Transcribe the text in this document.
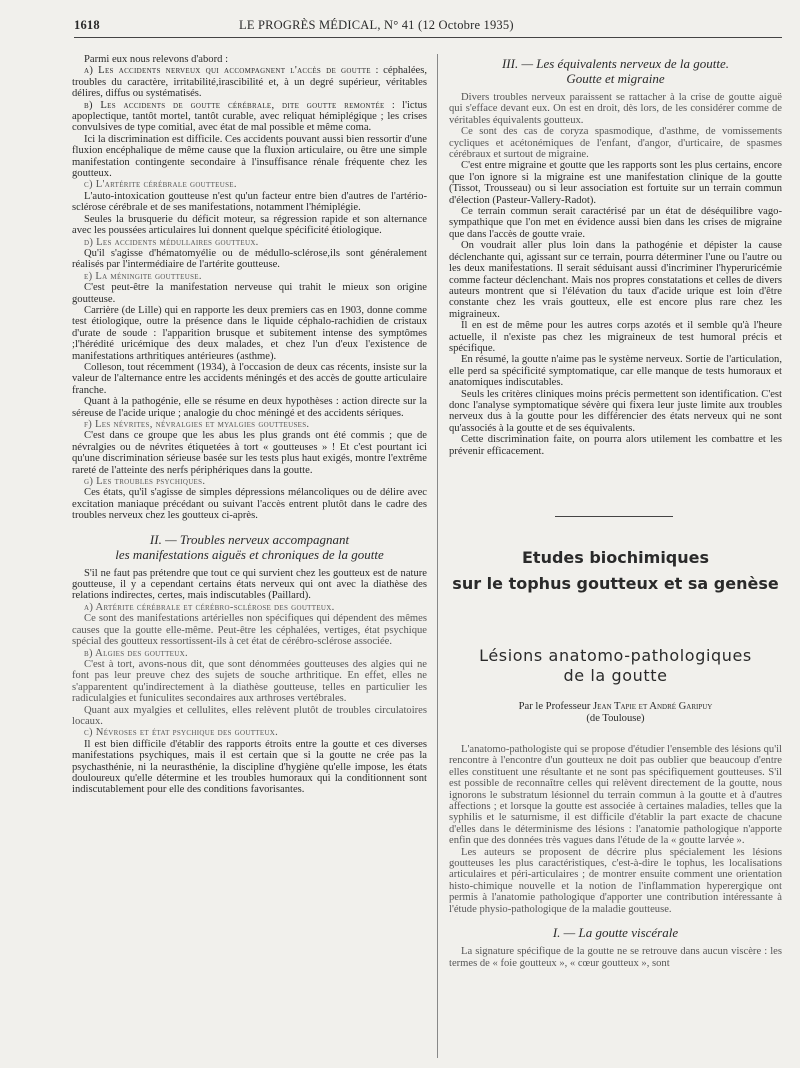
1618	LE PROGRÈS MÉDICAL, N° 41 (12 Octobre 1935)

Parmi eux nous relevons d'abord :

a) Les accidents nerveux qui accompagnent l'accès de goutte : céphalées, troubles du caractère, irritabilité,irascibilité et, à un degré supérieur, véritables délires, diffus ou systématisés.

b) Les accidents de goutte cérébrale, dite goutte remontée : l'ictus apoplectique, tantôt mortel, tantôt curable, avec reliquat hémiplégique ; les crises convulsives de type comitial, avec état de mal possible et même coma.

Ici la discrimination est difficile. Ces accidents pouvant aussi bien ressortir d'une fluxion encéphalique de même cause que la fluxion articulaire, ou être une simple manifestation contingente secondaire à l'insuffisance rénale fréquente chez les goutteux.

c) L'artérite cérébrale goutteuse.

L'auto-intoxication goutteuse n'est qu'un facteur entre bien d'autres de l'artério-sclérose cérébrale et de ses manifestations, notamment l'hémiplégie.

Seules la brusquerie du déficit moteur, sa régression rapide et son alternance avec les poussées articulaires lui donnent quelque spécificité étiologique.

d) Les accidents médullaires goutteux.

Qu'il s'agisse d'hématomyélie ou de médullo-sclérose,ils sont généralement réalisés par l'intermédiaire de l'artérite goutteuse.

e) La méningite goutteuse.

C'est peut-être la manifestation nerveuse qui trahit le mieux son origine goutteuse.

Carrière (de Lille) qui en rapporte les deux premiers cas en 1903, donne comme test étiologique, outre la présence dans le liquide céphalo-rachidien de cristaux d'urate de soude : l'apparition brusque et subitement intense des symptômes ;l'hérédité uricémique des deux malades, et chez l'un d'eux l'existence de manifestations arthritiques antérieures (asthme).

Colleson, tout récemment (1934), à l'occasion de deux cas récents, insiste sur la valeur de l'alternance entre les accidents méningés et des accès de goutte articulaire franche.

Quant à la pathogénie, elle se résume en deux hypothèses : action directe sur la séreuse de l'acide urique ; analogie du choc méningé et des accidents sériques.

f) Les névrites, névralgies et myalgies goutteuses.

C'est dans ce groupe que les abus les plus grands ont été commis ; que de névralgies ou de névrites étiquetées à tort « goutteuses » ! Et c'est pourtant ici qu'une discrimination sérieuse basée sur les tests plus haut exigés, montre l'extrême rareté de l'atteinte des nerfs périphériques dans la goutte.

g) Les troubles psychiques.

Ces états, qu'il s'agisse de simples dépressions mélancoliques ou de délire avec excitation maniaque précédant ou suivant l'accès entrent plutôt dans le cadre des troubles nerveux chez les goutteux ci-après.

II. — Troubles nerveux accompagnant
les manifestations aiguës et chroniques de la goutte

S'il ne faut pas prétendre que tout ce qui survient chez les goutteux est de nature goutteuse, il y a cependant certains états nerveux qui ont avec la diathèse des relations indirectes, certes, mais indiscutables (Paillard).

a) Artérite cérébrale et cérébro-sclérose des goutteux.

Ce sont des manifestations artérielles non spécifiques qui dépendent des mêmes causes que la goutte elle-même. Peut-être les céphalées, vertiges, état psychique spécial des goutteux ressortissent-ils à cet état de cérébro-sclérose associée.

b) Algies des goutteux.

C'est à tort, avons-nous dit, que sont dénommées goutteuses des algies qui ne font pas leur preuve chez des sujets de souche arthritique. En effet, elles ne s'apparentent qu'indirectement à la diathèse goutteuse, telles en particulier les radiculalgies et funiculites secondaires aux arthroses vertébrales.

Quant aux myalgies et cellulites, elles relèvent plutôt de troubles circulatoires locaux.

c) Névroses et état psychique des goutteux.

Il est bien difficile d'établir des rapports étroits entre la goutte et ces diverses manifestations psychiques, mais il est certain que si la goutte ne crée pas la psychasthénie, ni la neurasthénie, la discipline d'hygiène qu'elle impose, les états douloureux qu'elle détermine et les troubles humoraux qui la conditionnent sont indiscutablement pour elle des conditions favorisantes.

III. — Les équivalents nerveux de la goutte.
Goutte et migraine

Divers troubles nerveux paraissent se rattacher à la crise de goutte aiguë qui s'efface devant eux. On est en droit, dès lors, de les considérer comme de véritables équivalents goutteux.

Ce sont des cas de coryza spasmodique, d'asthme, de vomissements cycliques et acétonémiques de l'enfant, d'angor, d'urticaire, de spasmes cérébraux et surtout de migraine.

C'est entre migraine et goutte que les rapports sont les plus certains, encore que l'on ignore si la migraine est une manifestation clinique de la goutte (Tissot, Trousseau) ou si leur association est fortuite sur un terrain commun d'élection (Pasteur-Vallery-Radot).

Ce terrain commun serait caractérisé par un état de déséquilibre vago-sympathique que l'on met en évidence aussi bien dans les crises de migraine que dans l'accès de goutte vraie.

On voudrait aller plus loin dans la pathogénie et dépister la cause déclenchante qui, agissant sur ce terrain, pourra déterminer l'une ou l'autre ou les deux manifestations. Il serait séduisant aussi d'incriminer l'hyperuricémie comme facteur déclenchant. Mais nos propres constatations et celles de divers auteurs montrent que si l'élévation du taux d'acide urique est loin d'être constante chez les vrais goutteux, elle est encore plus rare chez les migraineux.

Il en est de même pour les autres corps azotés et il semble qu'à l'heure actuelle, il n'existe pas chez les migraineux de test humoral précis et spécifique.

En résumé, la goutte n'aime pas le système nerveux. Sortie de l'articulation, elle perd sa spécificité symptomatique, car elle manque de tests humoraux et anatomiques indiscutables.

Seuls les critères cliniques moins précis permettent son identification. C'est donc l'analyse symptomatique sévère qui fixera leur juste limite aux troubles nerveux dus à la goutte pour les différencier des états nerveux qui ne sont qu'associés à la goutte et de ses équivalents.

Cette discrimination faite, on pourra alors utilement les combattre et les prévenir efficacement.

Etudes biochimiques
sur le tophus goutteux et sa genèse
Lésions anatomo-pathologiques
de la goutte
Par le Professeur Jean Tapie et André Garipuy
(de Toulouse)

L'anatomo-pathologiste qui se propose d'étudier l'ensemble des lésions qu'il rencontre à l'encontre d'un goutteux ne doit pas oublier que beaucoup d'entre elles constituent une résultante et ne sont pas spécifiquement goutteuses. S'il est possible de reconnaître celles qui relèvent directement de la goutte, nous ignorons le substratum lésionnel du terrain commun à la goutte et à d'autres affections ; et lorsque la goutte est associée à certaines maladies, telles que la syphilis et le saturnisme, il est difficile d'établir la part exacte de chacune d'elles dans le déterminisme des lésions : l'anatomie pathologique n'apporte enfin que des données très vagues dans l'étude de la « goutte larvée ».

Les auteurs se proposent de décrire plus spécialement les lésions goutteuses les plus caractéristiques, c'est-à-dire le tophus, les localisations articulaires et péri-articulaires ; de montrer ensuite comment une orientation histo-chimique nouvelle et la notion de l'inflammation hyperergique ont permis à l'anatomie pathologique d'apporter une contribution intéressante à l'étude physio-pathologique de la maladie goutteuse.

I. — La goutte viscérale

La signature spécifique de la goutte ne se retrouve dans aucun viscère : les termes de « foie goutteux », « cœur goutteux », sont
